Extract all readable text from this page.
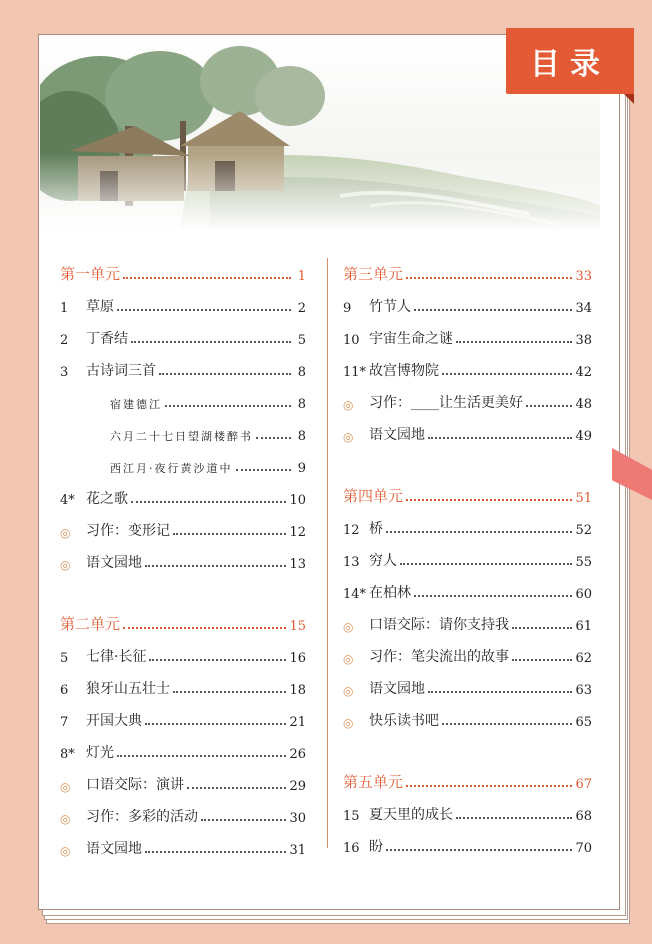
目录
第一单元	1
1	草原	2
2	丁香结	5
3	古诗词三首	8
宿建德江	8
六月二十七日望湖楼醉书	8
西江月·夜行黄沙道中	9
4* 花之歌	10
◎	习作：变形记	12
◎	语文园地	13
第二单元	15
5	七律·长征	16
6	狼牙山五壮士	18
7	开国大典	21
8* 灯光	26
◎	口语交际：演讲	29
◎	习作：多彩的活动	30
◎	语文园地	31
第三单元	33
9	竹节人	34
10 宇宙生命之谜	38
11* 故宫博物院	42
◎	习作：____让生活更美好	48
◎	语文园地	49
第四单元	51
12 桥	52
13 穷人	55
14* 在柏林	60
◎	口语交际：请你支持我	61
◎	习作：笔尖流出的故事	62
◎	语文园地	63
◎	快乐读书吧	65
第五单元	67
15 夏天里的成长	68
16 盼	70
